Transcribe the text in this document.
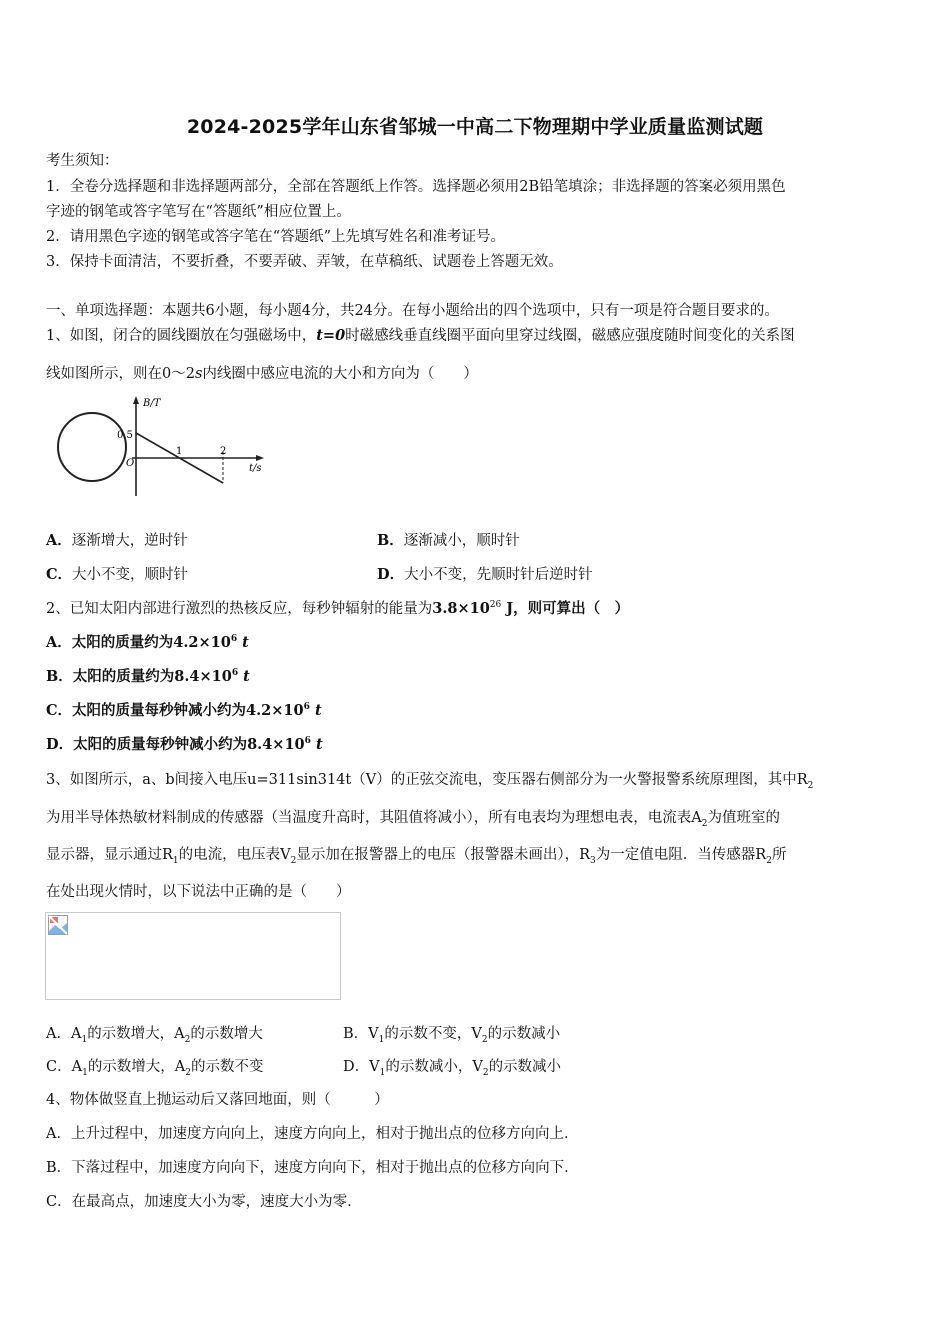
2024-2025学年山东省邹城一中高二下物理期中学业质量监测试题
考生须知：
1．全卷分选择题和非选择题两部分，全部在答题纸上作答。选择题必须用2B铅笔填涂；非选择题的答案必须用黑色
字迹的钢笔或答字笔写在“答题纸”相应位置上。
2．请用黑色字迹的钢笔或答字笔在“答题纸”上先填写姓名和准考证号。
3．保持卡面清洁，不要折叠，不要弄破、弄皱，在草稿纸、试题卷上答题无效。
一、单项选择题：本题共6小题，每小题4分，共24分。在每小题给出的四个选项中，只有一项是符合题目要求的。
1、如图，闭合的圆线圈放在匀强磁场中，t=0时磁感线垂直线圈平面向里穿过线圈，磁感应强度随时间变化的关系图
线如图所示，则在0～2s内线圈中感应电流的大小和方向为（　　）
B/T
0.5
O
1	2
t/s
A．逐渐增大，逆时针	B．逐渐减小，顺时针
C．大小不变，顺时针	D．大小不变，先顺时针后逆时针
2、已知太阳内部进行激烈的热核反应，每秒钟辐射的能量为$3.8\times 10^{26}$ J，则可算出（　）
A．太阳的质量约为$4.2\times 10^6$ t
B．太阳的质量约为$8.4\times 10^6$ t
C．太阳的质量每秒钟减小约为$4.2\times 10^6$ t
D．太阳的质量每秒钟减小约为$8.4\times 10^6$ t
3、如图所示，a、b间接入电压u=311sin314t（V）的正弦交流电，变压器右侧部分为一火警报警系统原理图，其中$R_2$
为用半导体热敏材料制成的传感器（当温度升高时，其阻值将减小），所有电表均为理想电表，电流表$A_2$为值班室的
显示器，显示通过$R_1$的电流，电压表$V_2$显示加在报警器上的电压（报警器未画出），$R_3$为一定值电阻．当传感器$R_2$所
在处出现火情时，以下说法中正确的是（　　）
A．$A_1$的示数增大，$A_2$的示数增大	B．$V_1$的示数不变，$V_2$的示数减小
C．$A_1$的示数增大，$A_2$的示数不变	D．$V_1$的示数减小，$V_2$的示数减小
4、物体做竖直上抛运动后又落回地面，则（　　　）
A．上升过程中，加速度方向向上，速度方向向上，相对于抛出点的位移方向向上．
B．下落过程中，加速度方向向下，速度方向向下，相对于抛出点的位移方向向下．
C．在最高点，加速度大小为零，速度大小为零．
